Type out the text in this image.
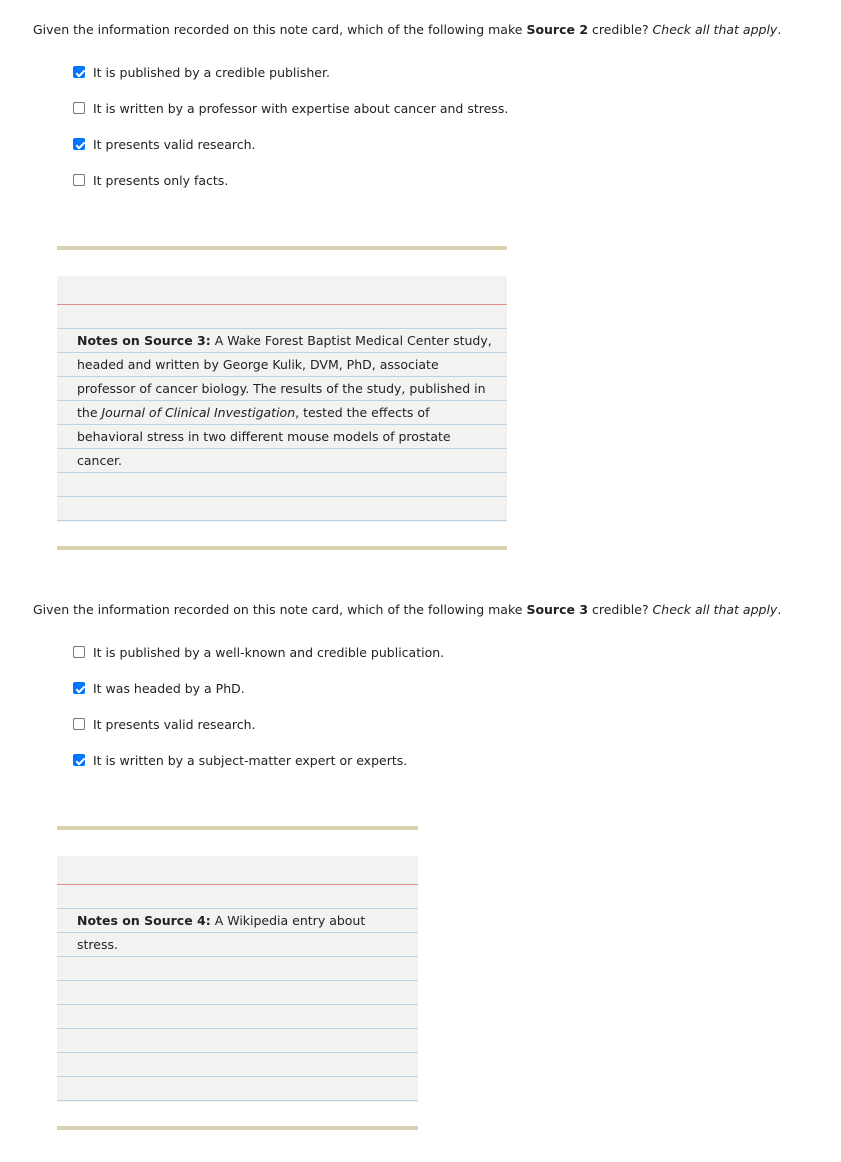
Given the information recorded on this note card, which of the following make Source 2 credible? Check all that apply.

It is published by a credible publisher.
It is written by a professor with expertise about cancer and stress.
It presents valid research.
It presents only facts.

Notes on Source 3: A Wake Forest Baptist Medical Center study, headed and written by George Kulik, DVM, PhD, associate professor of cancer biology. The results of the study, published in the Journal of Clinical Investigation, tested the effects of behavioral stress in two different mouse models of prostate cancer.

Given the information recorded on this note card, which of the following make Source 3 credible? Check all that apply.

It is published by a well-known and credible publication.
It was headed by a PhD.
It presents valid research.
It is written by a subject-matter expert or experts.

Notes on Source 4: A Wikipedia entry about stress.
